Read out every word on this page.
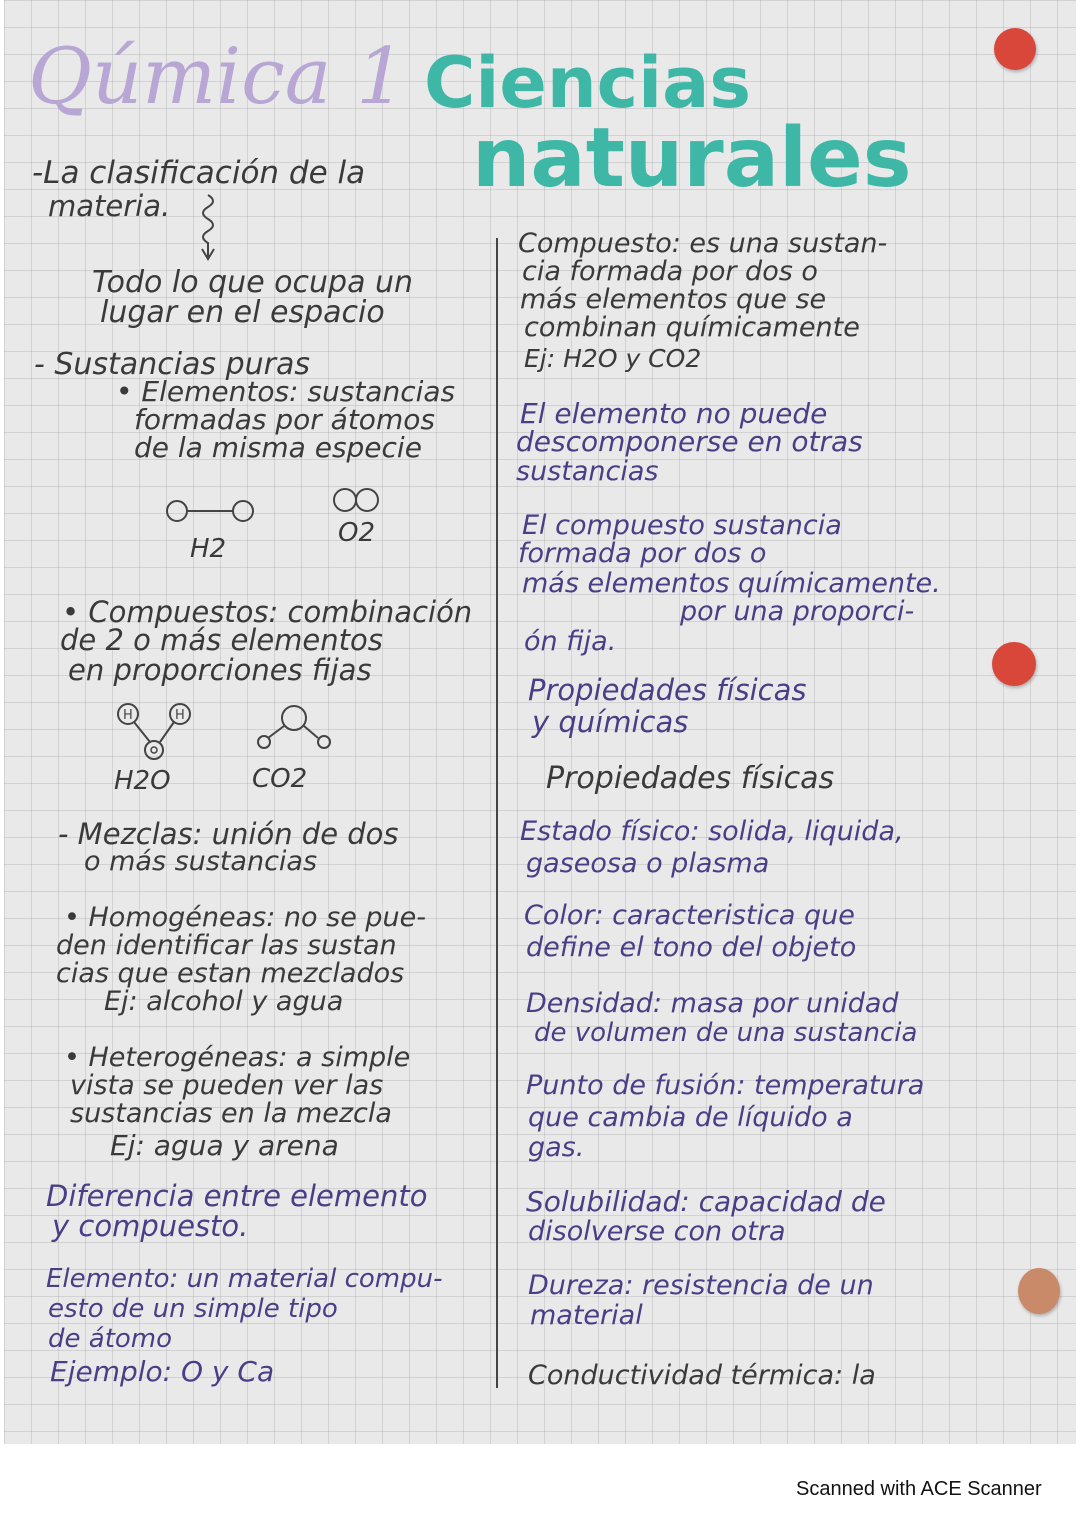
Qúmica 1 Ciencias
naturales
-La clasificación de la
materia.
Todo lo que ocupa un
lugar en el espacio
- Sustancias puras
• Elementos: sustancias
formadas por átomos
de la misma especie
H2
O2
• Compuestos: combinación
de 2 o más elementos
en proporciones fijas
H	H
H2O	CO2
- Mezclas: unión de dos
o más sustancias
• Homogéneas: no se pue-
den identificar las sustan
cias que estan mezclados
Ej: alcohol y agua
• Heterogéneas: a simple
vista se pueden ver las
sustancias en la mezcla
Ej: agua y arena
Diferencia entre elemento
y compuesto.
Elemento: un material compu-
esto de un simple tipo
de átomo
Ejemplo: O y Ca
Compuesto: es una sustan-
cia formada por dos o
más elementos que se
combinan químicamente
Ej: H2O y CO2
El elemento no puede
descomponerse en otras
sustancias
El compuesto sustancia
formada por dos o
más elementos químicamente.
por una proporci-
ón fija.
Propiedades físicas
y químicas
Propiedades físicas
Estado físico: solida, liquida,
gaseosa o plasma
Color: caracteristica que
define el tono del objeto
Densidad: masa por unidad
de volumen de una sustancia
Punto de fusión: temperatura
que cambia de líquido a
gas.
Solubilidad: capacidad de
disolverse con otra
Dureza: resistencia de un
material
Conductividad térmica: la
Scanned with ACE Scanner
